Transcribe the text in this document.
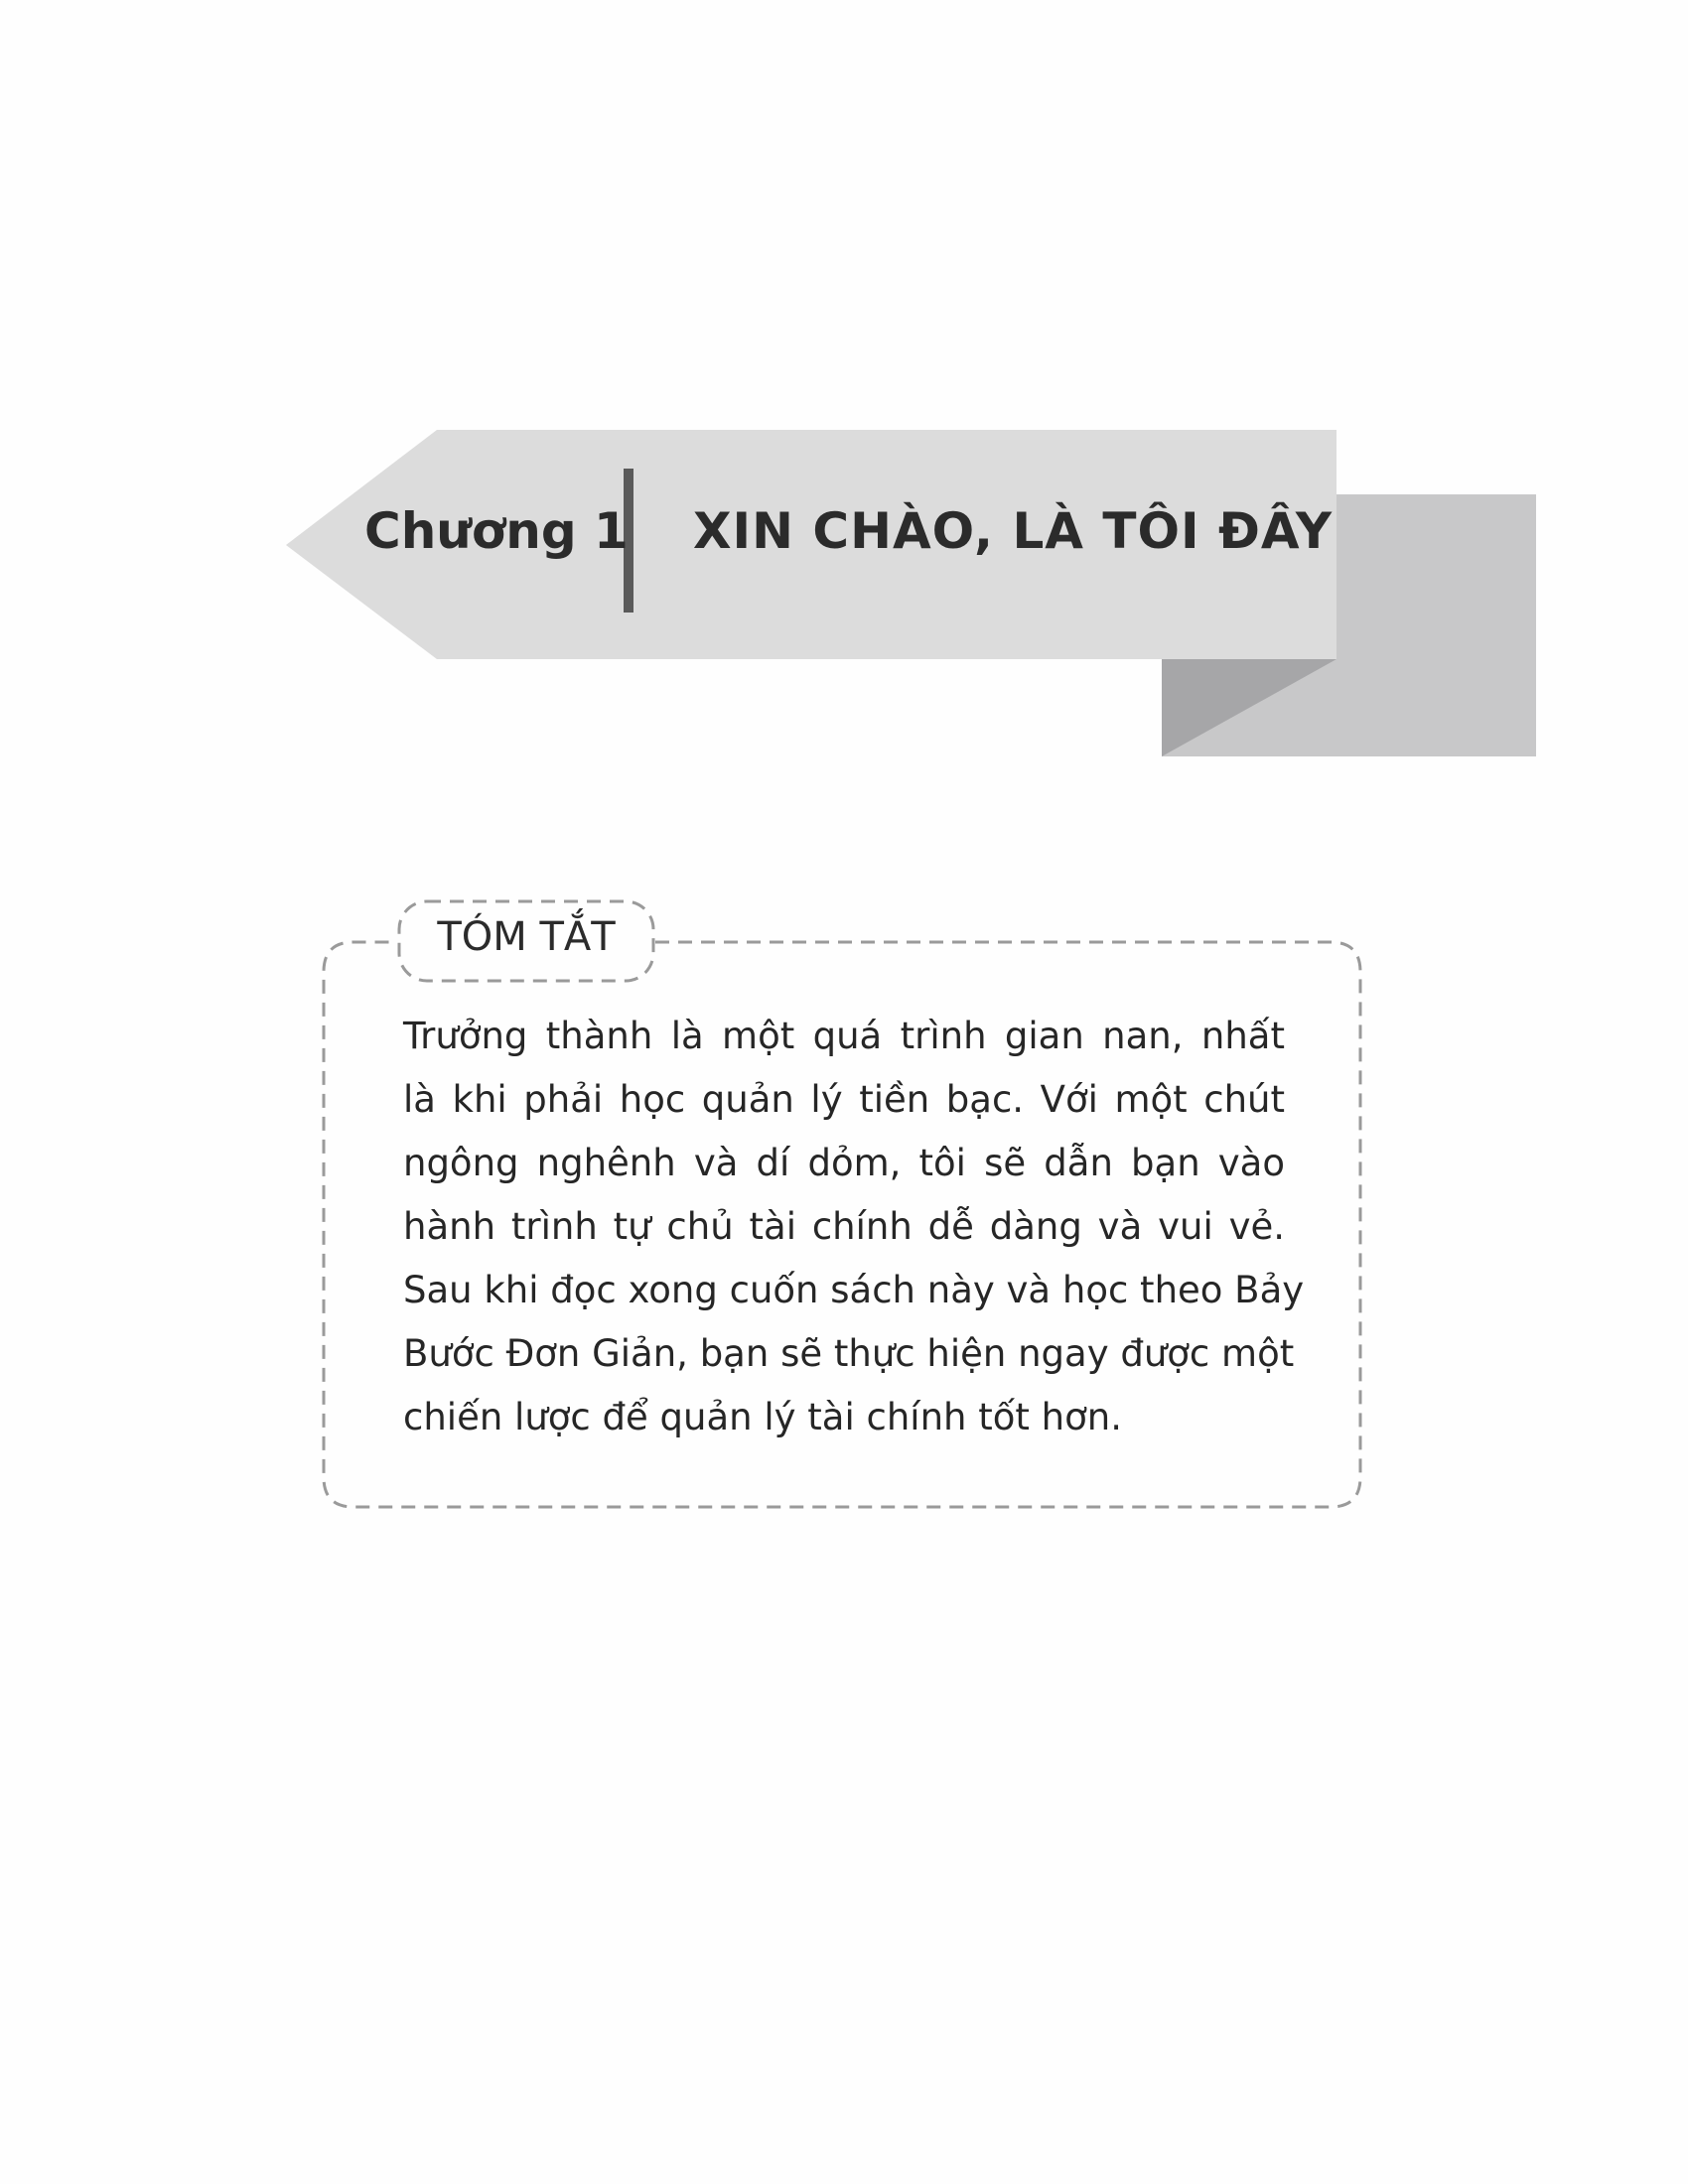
Chương 1 XIN CHÀO, LÀ TÔI ĐÂY
TÓM TẮT
Trưởng thành là một quá trình gian nan, nhất
là khi phải học quản lý tiền bạc. Với một chút
ngông nghênh và dí dỏm, tôi sẽ dẫn bạn vào
hành trình tự chủ tài chính dễ dàng và vui vẻ.
Sau khi đọc xong cuốn sách này và học theo Bảy
Bước Đơn Giản, bạn sẽ thực hiện ngay được một
chiến lược để quản lý tài chính tốt hơn.
